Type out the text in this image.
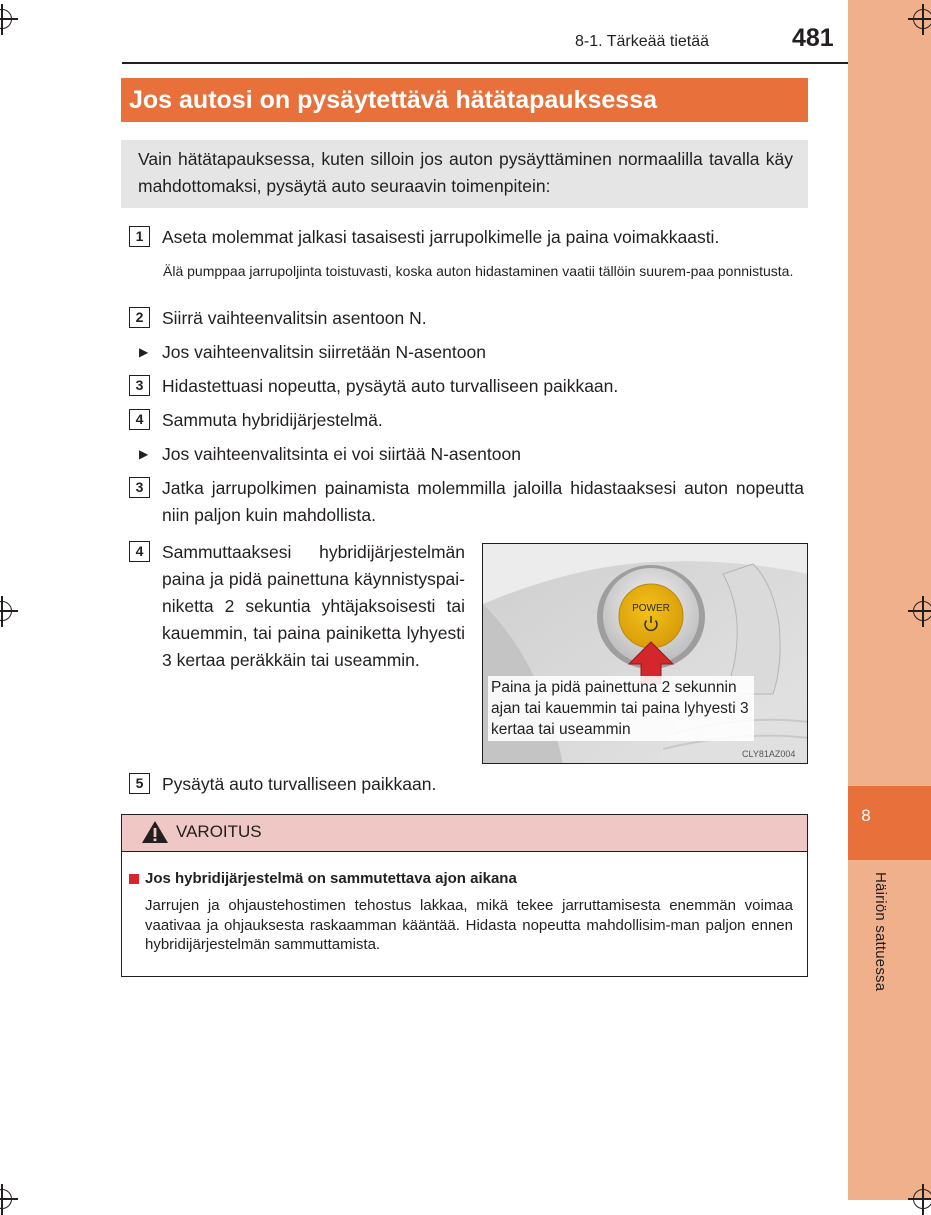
8
Häiriön sattuessa
8-1. Tärkeää tietää	481
Jos autosi on pysäytettävä hätätapauksessa
Vain hätätapauksessa, kuten silloin jos auton pysäyttäminen normaalilla tavalla käy mahdottomaksi, pysäytä auto seuraavin toimenpitein:
1	Aseta molemmat jalkasi tasaisesti jarrupolkimelle ja paina voimakkaasti.
Älä pumppaa jarrupoljinta toistuvasti, koska auton hidastaminen vaatii tällöin suurem-paa ponnistusta.
2	Siirrä vaihteenvalitsin asentoon N.
▶ Jos vaihteenvalitsin siirretään N-asentoon
3	Hidastettuasi nopeutta, pysäytä auto turvalliseen paikkaan.
4	Sammuta hybridijärjestelmä.
▶ Jos vaihteenvalitsinta ei voi siirtää N-asentoon
3	Jatka jarrupolkimen painamista molemmilla jaloilla hidastaaksesi auton nopeutta niin paljon kuin mahdollista.
4	Sammuttaaksesi hybridijärjestelmän paina ja pidä painettuna käynnistyspai-niketta 2 sekuntia yhtäjaksoisesti tai kauemmin, tai paina painiketta lyhyesti 3 kertaa peräkkäin tai useammin.
5	Pysäytä auto turvalliseen paikkaan.
POWER
Paina ja pidä painettuna 2 sekunnin ajan tai kauemmin tai paina lyhyesti 3 kertaa tai useammin
CLY81AZ004
VAROITUS
Jos hybridijärjestelmä on sammutettava ajon aikana
Jarrujen ja ohjaustehostimen tehostus lakkaa, mikä tekee jarruttamisesta enemmän voimaa vaativaa ja ohjauksesta raskaamman kääntää. Hidasta nopeutta mahdollisim-man paljon ennen hybridijärjestelmän sammuttamista.
